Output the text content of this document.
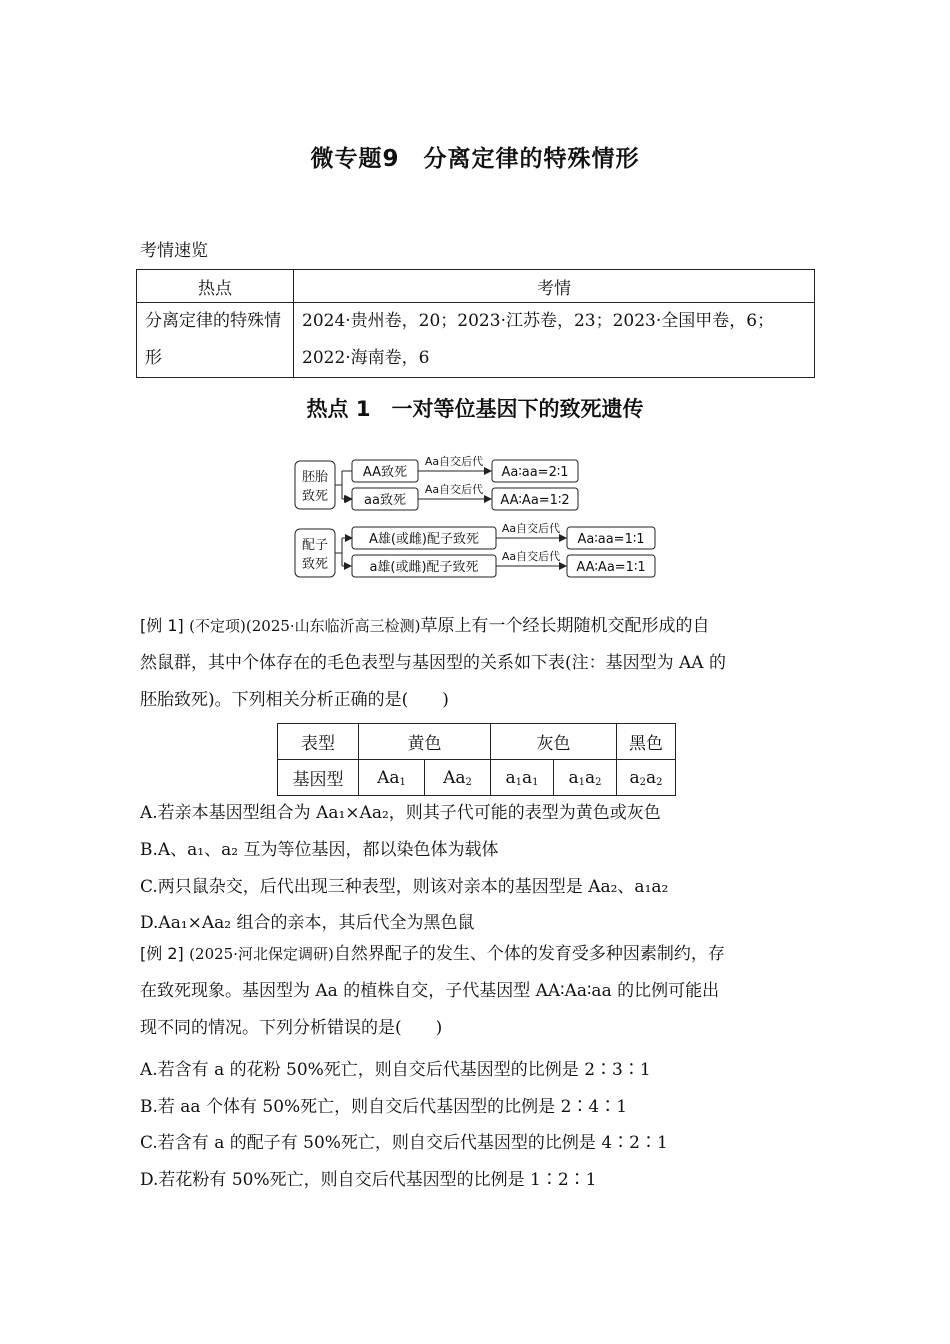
微专题9　分离定律的特殊情形
考情速览
热点	考情

分离定律的特殊情形	2024·贵州卷，20；2023·江苏卷，23；2023·全国甲卷，6；
2022·海南卷，6
热点 1　一对等位基因下的致死遗传
胚胎
致死
配子
致死
AA致死
aa致死
A雄(或雌)配子致死
a雄(或雌)配子致死
Aa∶aa=2∶1
AA∶Aa=1∶2
Aa∶aa=1∶1
AA∶Aa=1∶1
Aa自交后代
Aa自交后代
Aa自交后代
Aa自交后代
[例 1] (不定项)(2025·山东临沂高三检测)草原上有一个经长期随机交配形成的自
然鼠群，其中个体存在的毛色表型与基因型的关系如下表(注：基因型为 AA 的
胚胎致死)。下列相关分析正确的是(　　)
表型	黄色		灰色		黑色
基因型	$Aa_1$	$Aa_2$	$a_1a_1$	$a_1a_2$	$a_2a_2$
A.若亲本基因型组合为 Aa₁×Aa₂，则其子代可能的表型为黄色或灰色
B.A、a₁、a₂ 互为等位基因，都以染色体为载体
C.两只鼠杂交，后代出现三种表型，则该对亲本的基因型是 Aa₂、a₁a₂
D.Aa₁×Aa₂ 组合的亲本，其后代全为黑色鼠
[例 2] (2025·河北保定调研)自然界配子的发生、个体的发育受多种因素制约，存
在致死现象。基因型为 Aa 的植株自交，子代基因型 AA∶Aa∶aa 的比例可能出
现不同的情况。下列分析错误的是(　　)
A.若含有 a 的花粉 50%死亡，则自交后代基因型的比例是 2∶3∶1
B.若 aa 个体有 50%死亡，则自交后代基因型的比例是 2∶4∶1
C.若含有 a 的配子有 50%死亡，则自交后代基因型的比例是 4∶2∶1
D.若花粉有 50%死亡，则自交后代基因型的比例是 1∶2∶1
